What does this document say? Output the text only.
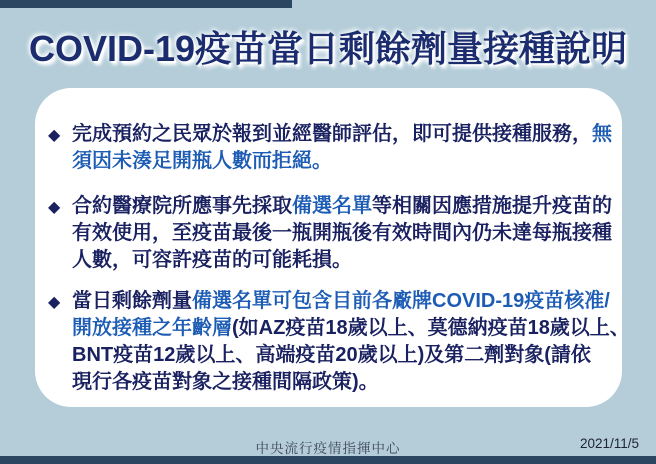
COVID-19疫苗當日剩餘劑量接種說明
◆ 完成預約之民眾於報到並經醫師評估，即可提供接種服務，無
須因未湊足開瓶人數而拒絕。
◆ 合約醫療院所應事先採取備選名單等相關因應措施提升疫苗的
有效使用，至疫苗最後一瓶開瓶後有效時間內仍未達每瓶接種
人數，可容許疫苗的可能耗損。
◆ 當日剩餘劑量備選名單可包含目前各廠牌COVID-19疫苗核准/
開放接種之年齡層(如AZ疫苗18歲以上、莫德納疫苗18歲以上、
BNT疫苗12歲以上、高端疫苗20歲以上)及第二劑對象(請依
現行各疫苗對象之接種間隔政策)。
中央流行疫情指揮中心	2021/11/5
